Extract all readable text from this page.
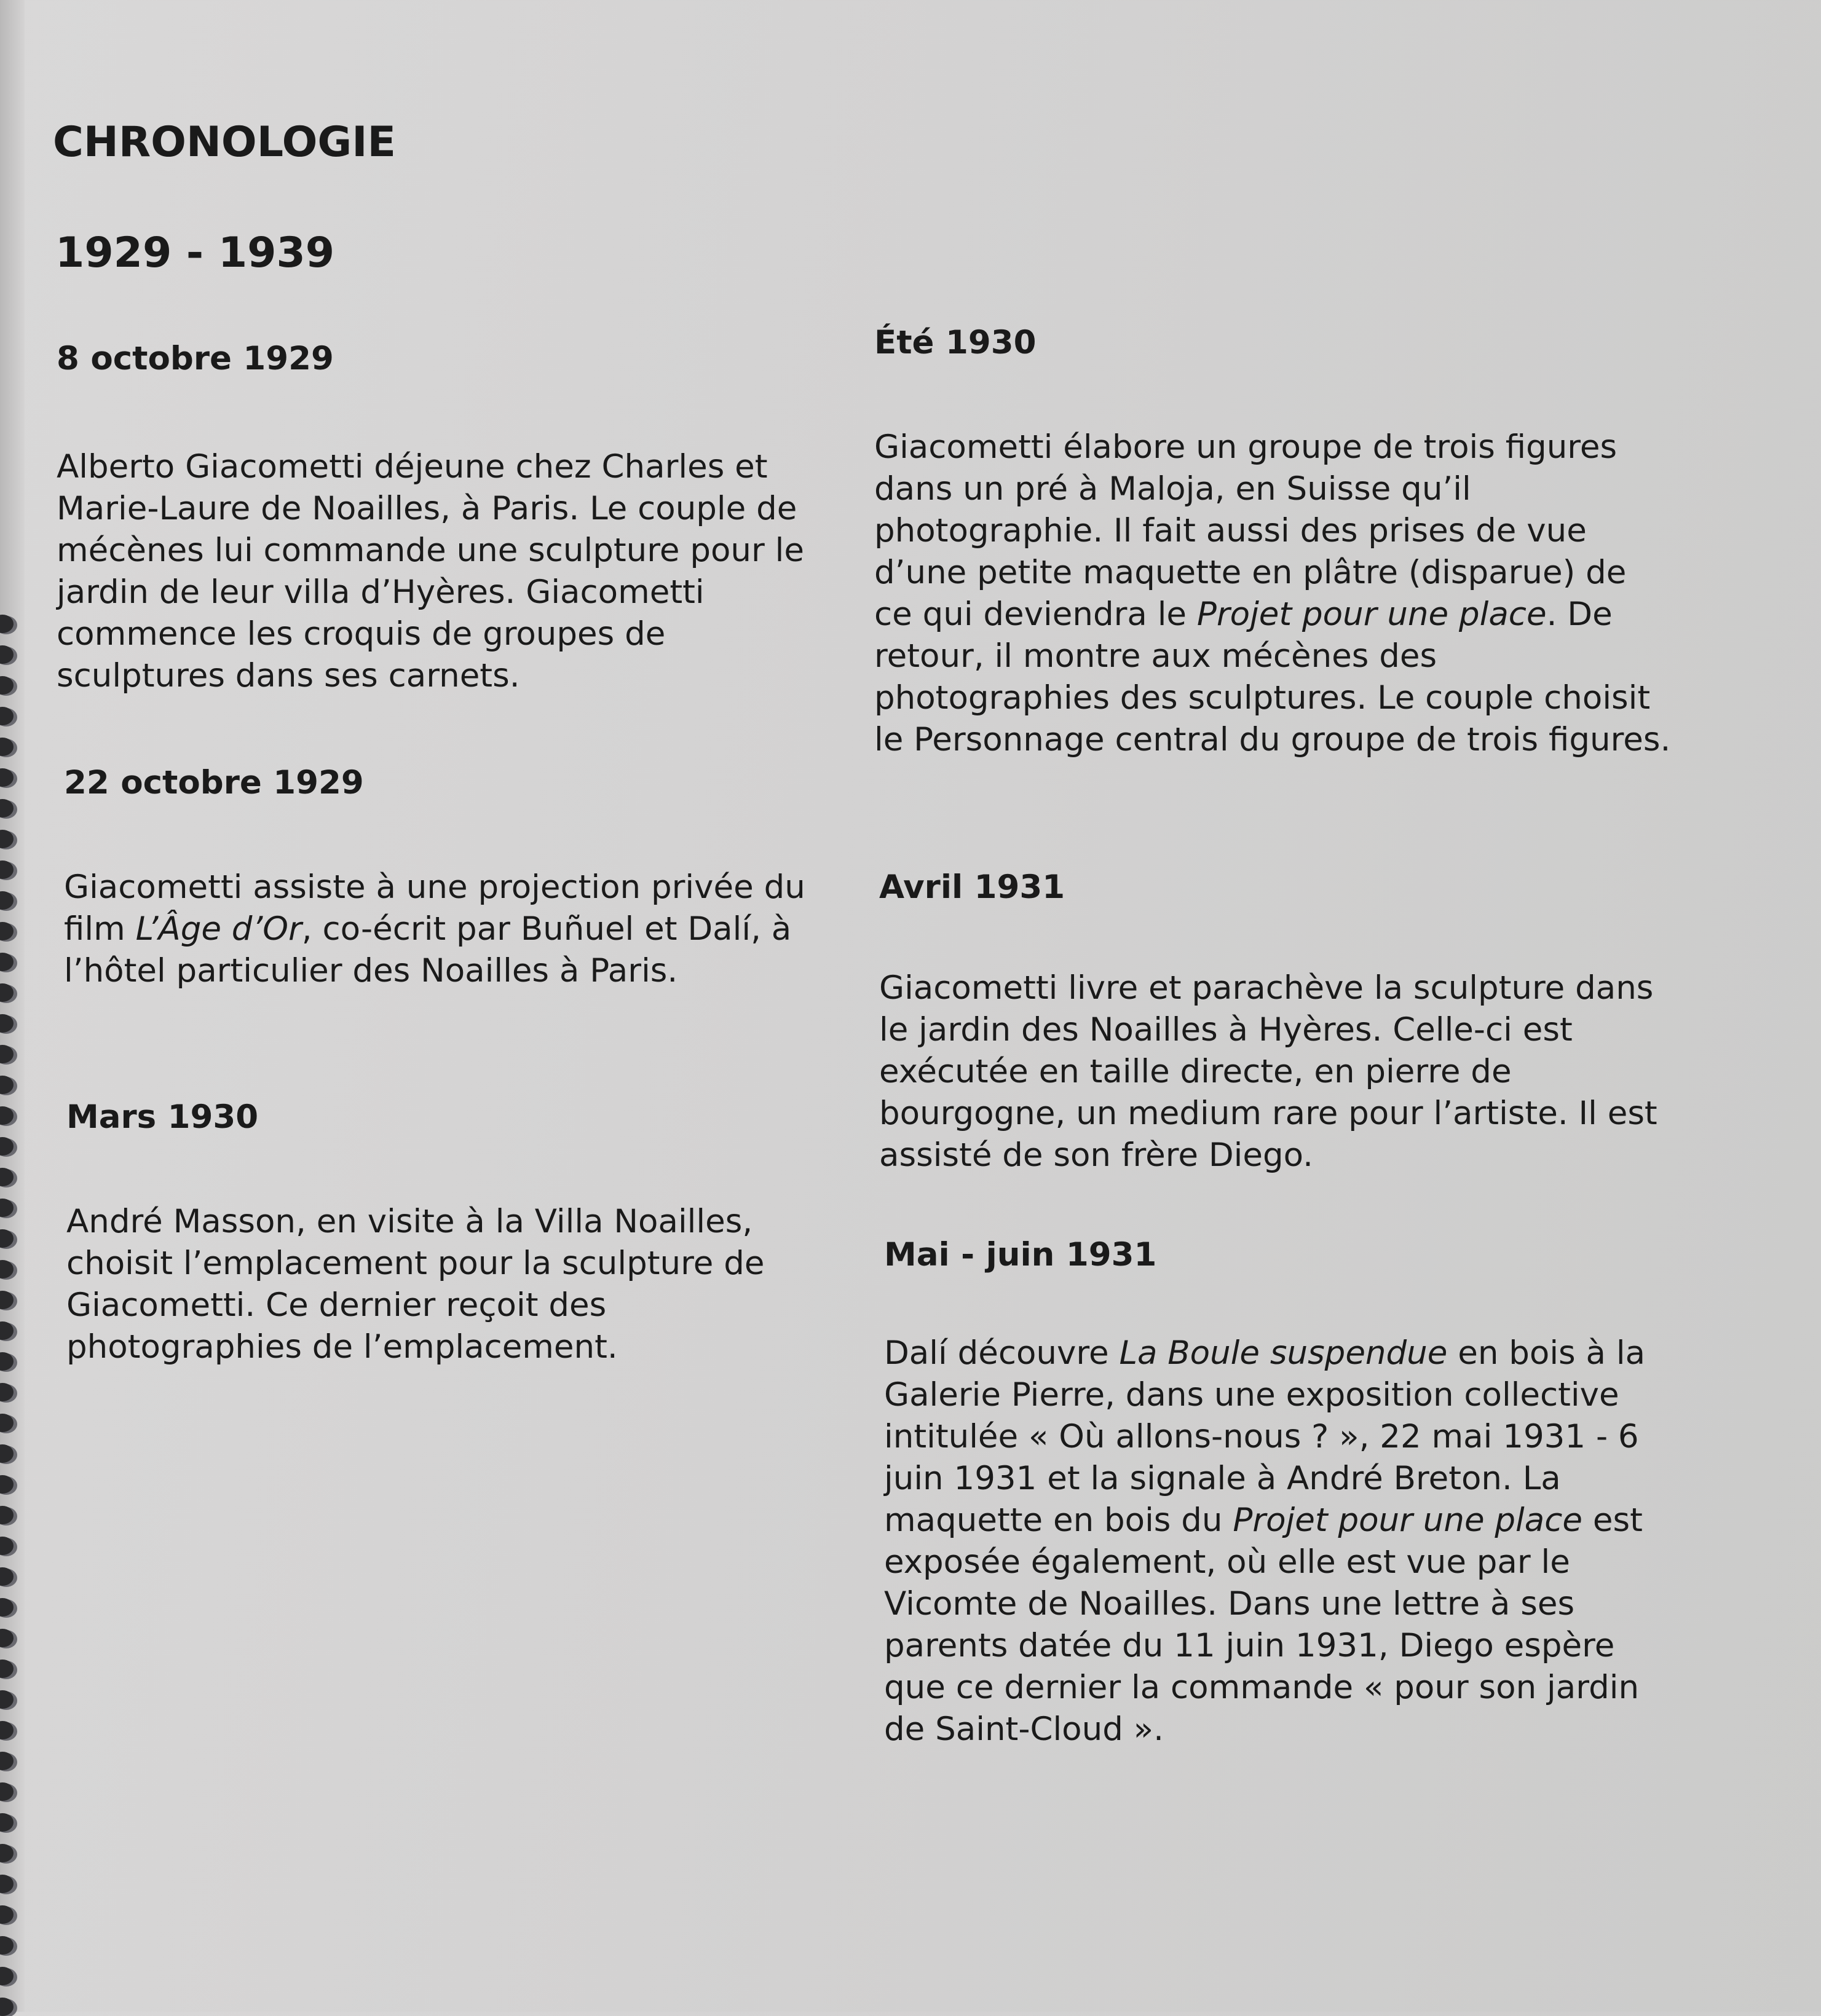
CHRONOLOGIE
1929 - 1939

8 octobre 1929

Alberto Giacometti déjeune chez Charles et Marie-Laure de Noailles, à Paris. Le couple de mécènes lui commande une sculpture pour le jardin de leur villa d’Hyères. Giacometti commence les croquis de groupes de sculptures dans ses carnets.

22 octobre 1929

Giacometti assiste à une projection privée du film L’Âge d’Or, co-écrit par Buñuel et Dalí, à l’hôtel particulier des Noailles à Paris.

Mars 1930

André Masson, en visite à la Villa Noailles, choisit l’emplacement pour la sculpture de Giacometti. Ce dernier reçoit des photographies de l’emplacement.

Été 1930

Giacometti élabore un groupe de trois figures dans un pré à Maloja, en Suisse qu’il photographie. Il fait aussi des prises de vue d’une petite maquette en plâtre (disparue) de ce qui deviendra le Projet pour une place. De retour, il montre aux mécènes des photographies des sculptures. Le couple choisit le Personnage central du groupe de trois figures.

Avril 1931

Giacometti livre et parachève la sculpture dans le jardin des Noailles à Hyères. Celle-ci est exécutée en taille directe, en pierre de bourgogne, un medium rare pour l’artiste. Il est assisté de son frère Diego.

Mai - juin 1931

Dalí découvre La Boule suspendue en bois à la Galerie Pierre, dans une exposition collective intitulée « Où allons-nous ? », 22 mai 1931 - 6 juin 1931 et la signale à André Breton. La maquette en bois du Projet pour une place est exposée également, où elle est vue par le Vicomte de Noailles. Dans une lettre à ses parents datée du 11 juin 1931, Diego espère que ce dernier la commande « pour son jardin de Saint-Cloud ».
